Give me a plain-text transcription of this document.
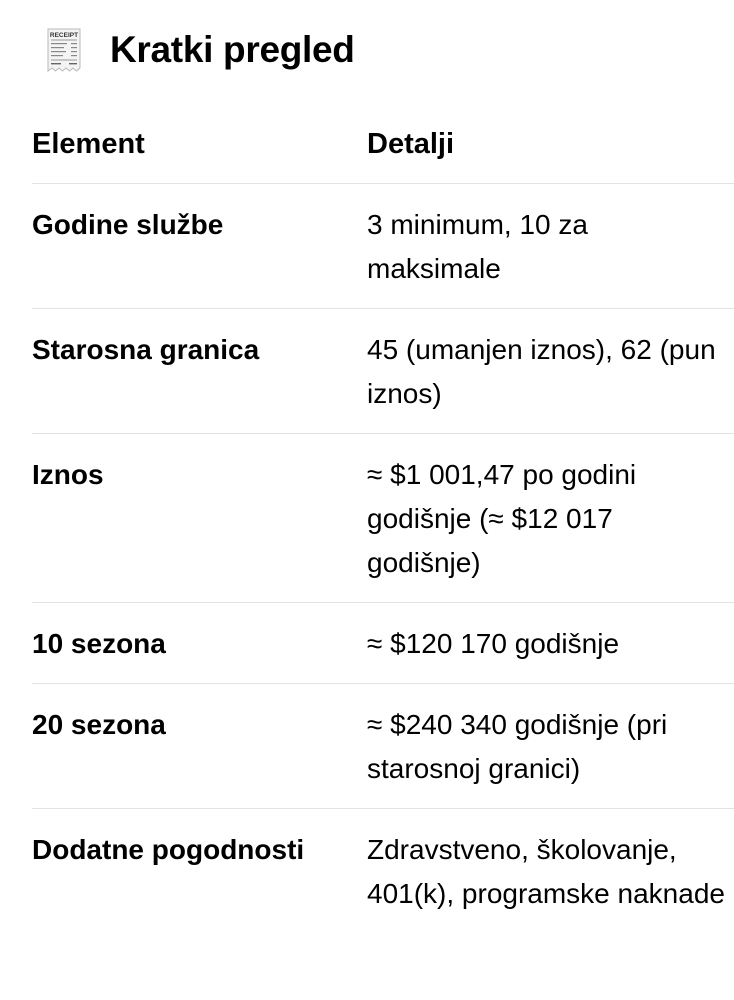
RECEIPT Kratki pregled
Element	Detalji
Godine službe	3 minimum, 10 za maksimale
Starosna granica	45 (umanjen iznos), 62 (pun iznos)
Iznos	≈ $1 001,47 po godini godišnje (≈ $12 017 godišnje)
10 sezona	≈ $120 170 godišnje
20 sezona	≈ $240 340 godišnje (pri starosnoj granici)
Dodatne pogodnosti	Zdravstveno, školovanje, 401(k), programske naknade
